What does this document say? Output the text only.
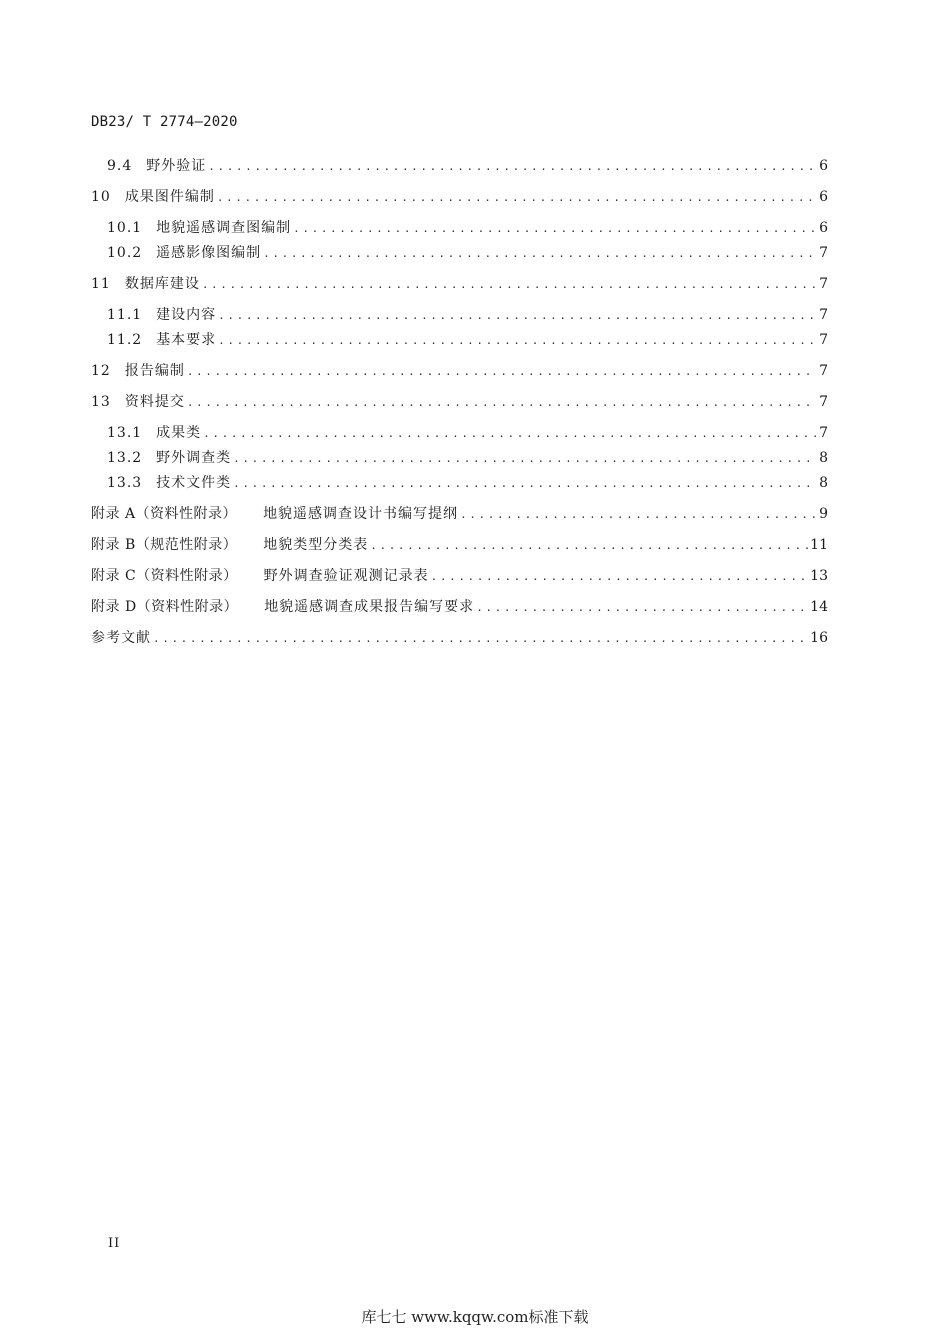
DB23/ T 2774—2020
9.4 野外验证 .....	6
10 成果图件编制 .....	6
10.1 地貌遥感调查图编制 .....	6
10.2 遥感影像图编制 .....	7
11 数据库建设 .....	7
11.1 建设内容 .....	7
11.2 基本要求 .....	7
12 报告编制 .....	7
13 资料提交 .....	7
13.1 成果类 .....	7
13.2 野外调查类 .....	8
13.3 技术文件类 .....	8
附录 A（资料性附录） 地貌遥感调查设计书编写提纲 .....	9
附录 B（规范性附录） 地貌类型分类表 .....	11
附录 C（资料性附录） 野外调查验证观测记录表 .....	13
附录 D（资料性附录） 地貌遥感调查成果报告编写要求 .....	14
参考文献 .....	16
II
库七七 www.kqqw.com标准下载
